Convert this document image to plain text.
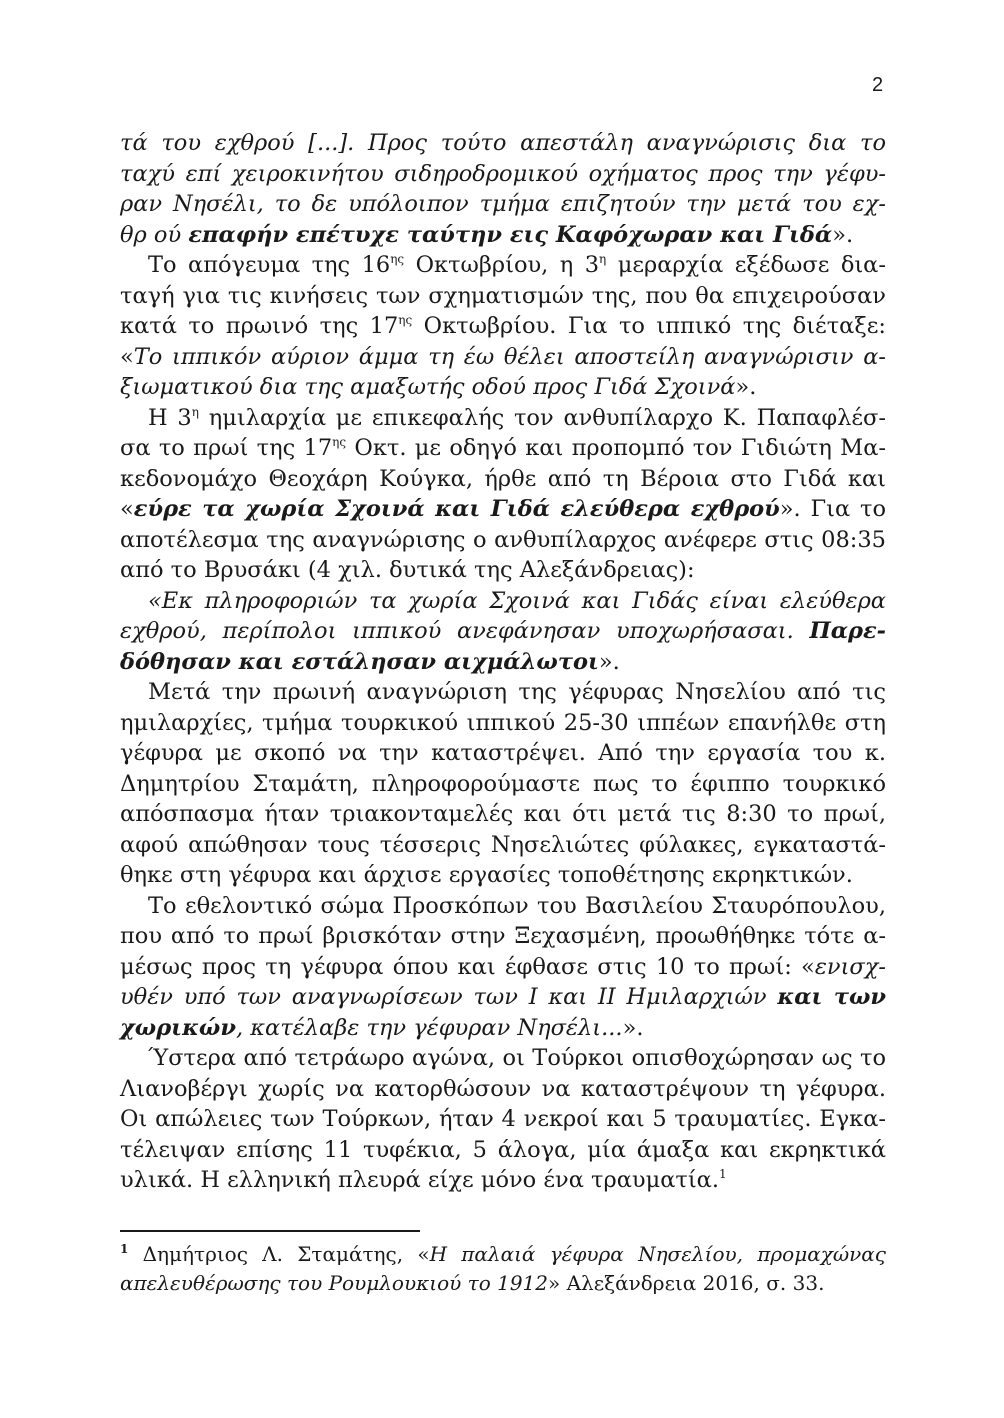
2
τά του εχθρού [...]. Προς τούτο απεστάλη αναγνώρισις δια το
ταχύ επί χειροκινήτου σιδηροδρομικού οχήματος προς την γέφυ-
ραν Νησέλι, το δε υπόλοιπον τμήμα επιζητούν την μετά του εχ-
θρ ού επαφήν επέτυχε ταύτην εις Καφόχωραν και Γιδά».
Το απόγευμα της $16^{\eta\varsigma}$ Οκτωβρίου, η $3^\eta$ μεραρχία εξέδωσε δια-
ταγή για τις κινήσεις των σχηματισμών της, που θα επιχειρούσαν
κατά το πρωινό της $17^{\eta\varsigma}$ Οκτωβρίου. Για το ιππικό της διέταξε:
«Το ιππικόν αύριον άμμα τη έω θέλει αποστείλη αναγνώρισιν α-
ξιωματικού δια της αμαξωτής οδού προς Γιδά Σχοινά».
Η $3^\eta$ ημιλαρχία με επικεφαλής τον ανθυπίλαρχο Κ. Παπαφλέσ-
σα το πρωί της $17^{\eta\varsigma}$ Οκτ. με οδηγό και προπομπό τον Γιδιώτη Μα-
κεδονομάχο Θεοχάρη Κούγκα, ήρθε από τη Βέροια στο Γιδά και
«εύρε τα χωρία Σχοινά και Γιδά ελεύθερα εχθρού». Για το
αποτέλεσμα της αναγνώρισης ο ανθυπίλαρχος ανέφερε στις 08:35
από το Βρυσάκι (4 χιλ. δυτικά της Αλεξάνδρειας):
«Εκ πληροφοριών τα χωρία Σχοινά και Γιδάς είναι ελεύθερα
εχθρού, περίπολοι ιππικού ανεφάνησαν υποχωρήσασαι. Παρε-
δόθησαν και εστάλησαν αιχμάλωτοι».
Μετά την πρωινή αναγνώριση της γέφυρας Νησελίου από τις
ημιλαρχίες, τμήμα τουρκικού ιππικού 25-30 ιππέων επανήλθε στη
γέφυρα με σκοπό να την καταστρέψει. Από την εργασία του κ.
Δημητρίου Σταμάτη, πληροφορούμαστε πως το έφιππο τουρκικό
απόσπασμα ήταν τριακονταμελές και ότι μετά τις 8:30 το πρωί,
αφού απώθησαν τους τέσσερις Νησελιώτες φύλακες, εγκαταστά-
θηκε στη γέφυρα και άρχισε εργασίες τοποθέτησης εκρηκτικών.
Το εθελοντικό σώμα Προσκόπων του Βασιλείου Σταυρόπουλου,
που από το πρωί βρισκόταν στην Ξεχασμένη, προωθήθηκε τότε α-
μέσως προς τη γέφυρα όπου και έφθασε στις 10 το πρωί: «ενισχ-
υθέν υπό των αναγνωρίσεων των Ι και ΙΙ Ημιλαρχιών και των
χωρικών, κατέλαβε την γέφυραν Νησέλι...».
Ύστερα από τετράωρο αγώνα, οι Τούρκοι οπισθοχώρησαν ως το
Λιανοβέργι χωρίς να κατορθώσουν να καταστρέψουν τη γέφυρα.
Οι απώλειες των Τούρκων, ήταν 4 νεκροί και 5 τραυματίες. Εγκα-
τέλειψαν επίσης 11 τυφέκια, 5 άλογα, μία άμαξα και εκρηκτικά
υλικά. Η ελληνική πλευρά είχε μόνο ένα τραυματία.$^1$
$^1$ Δημήτριος Λ. Σταμάτης, «Η παλαιά γέφυρα Νησελίου, προμαχώνας
απελευθέρωσης του Ρουμλουκιού το 1912» Αλεξάνδρεια 2016, σ. 33.
